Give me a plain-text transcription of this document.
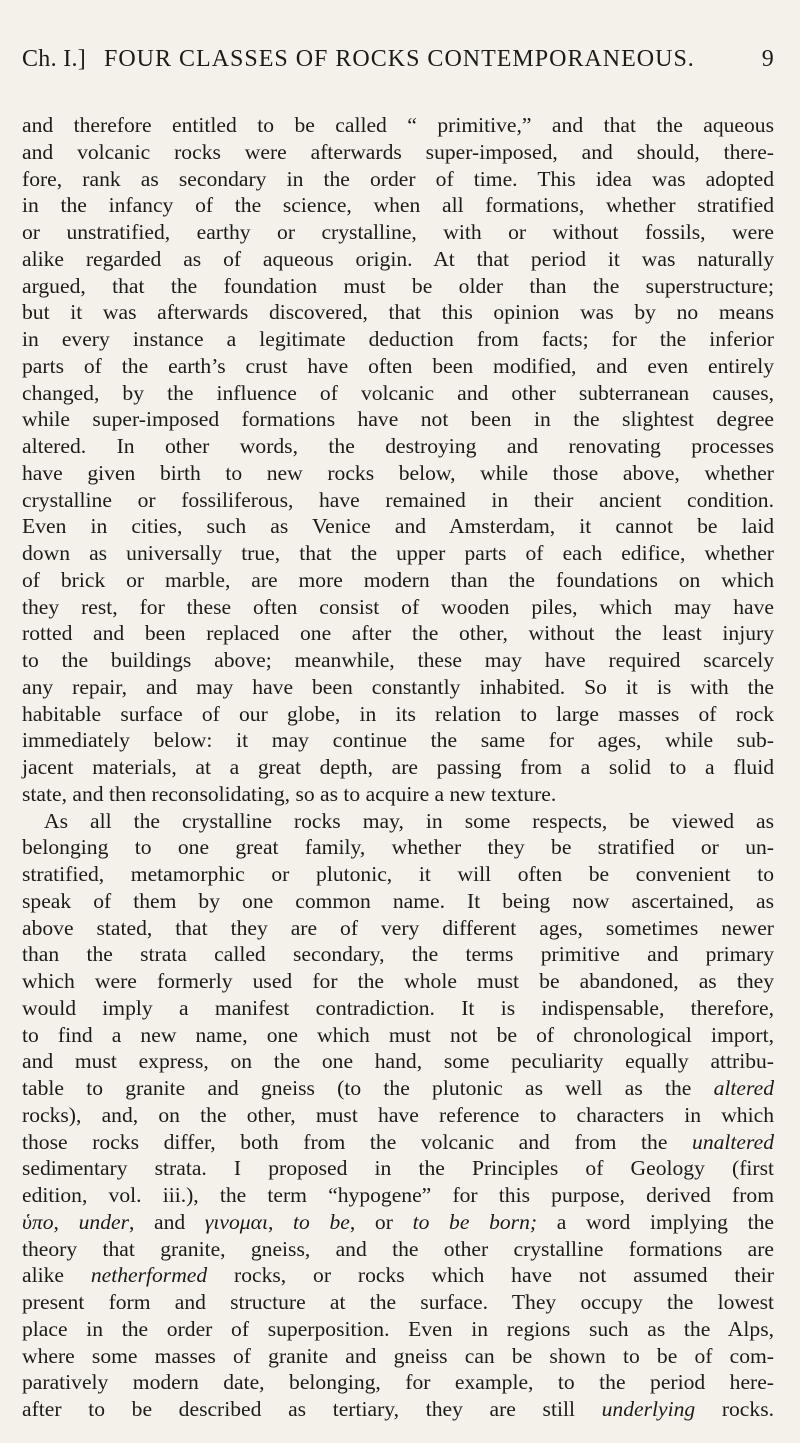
Ch. I.] FOUR CLASSES OF ROCKS CONTEMPORANEOUS.	9
and therefore entitled to be called “ primitive,” and that the aqueous
and volcanic rocks were afterwards super-imposed, and should, there-
fore, rank as secondary in the order of time. This idea was adopted
in the infancy of the science, when all formations, whether stratified
or unstratified, earthy or crystalline, with or without fossils, were
alike regarded as of aqueous origin. At that period it was naturally
argued, that the foundation must be older than the superstructure;
but it was afterwards discovered, that this opinion was by no means
in every instance a legitimate deduction from facts; for the inferior
parts of the earth’s crust have often been modified, and even entirely
changed, by the influence of volcanic and other subterranean causes,
while super-imposed formations have not been in the slightest degree
altered. In other words, the destroying and renovating processes
have given birth to new rocks below, while those above, whether
crystalline or fossiliferous, have remained in their ancient condition.
Even in cities, such as Venice and Amsterdam, it cannot be laid
down as universally true, that the upper parts of each edifice, whether
of brick or marble, are more modern than the foundations on which
they rest, for these often consist of wooden piles, which may have
rotted and been replaced one after the other, without the least injury
to the buildings above; meanwhile, these may have required scarcely
any repair, and may have been constantly inhabited. So it is with the
habitable surface of our globe, in its relation to large masses of rock
immediately below: it may continue the same for ages, while sub-
jacent materials, at a great depth, are passing from a solid to a fluid
state, and then reconsolidating, so as to acquire a new texture.
As all the crystalline rocks may, in some respects, be viewed as
belonging to one great family, whether they be stratified or un-
stratified, metamorphic or plutonic, it will often be convenient to
speak of them by one common name. It being now ascertained, as
above stated, that they are of very different ages, sometimes newer
than the strata called secondary, the terms primitive and primary
which were formerly used for the whole must be abandoned, as they
would imply a manifest contradiction. It is indispensable, therefore,
to find a new name, one which must not be of chronological import,
and must express, on the one hand, some peculiarity equally attribu-
table to granite and gneiss (to the plutonic as well as the altered
rocks), and, on the other, must have reference to characters in which
those rocks differ, both from the volcanic and from the unaltered
sedimentary strata. I proposed in the Principles of Geology (first
edition, vol. iii.), the term “hypogene” for this purpose, derived from
ὑπο, under, and γινομαι, to be, or to be born; a word implying the
theory that granite, gneiss, and the other crystalline formations are
alike netherformed rocks, or rocks which have not assumed their
present form and structure at the surface. They occupy the lowest
place in the order of superposition. Even in regions such as the Alps,
where some masses of granite and gneiss can be shown to be of com-
paratively modern date, belonging, for example, to the period here-
after to be described as tertiary, they are still underlying rocks.
